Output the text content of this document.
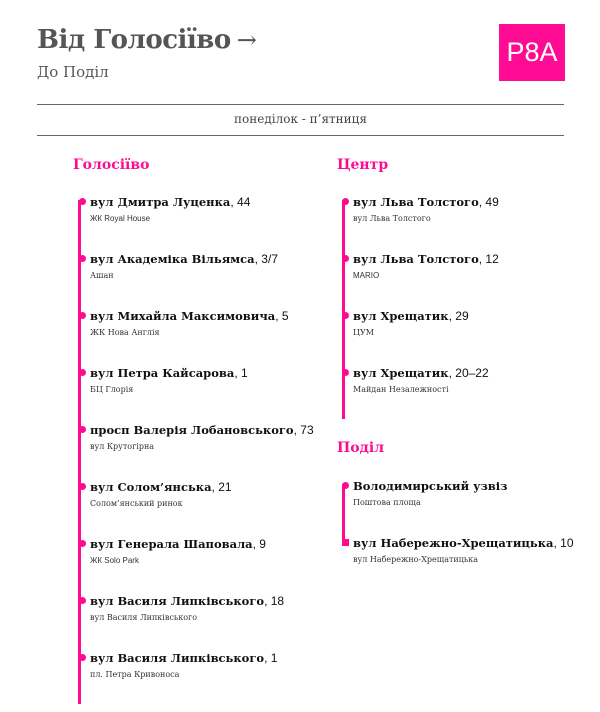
Від Голосіїво →
До Поділ
P8A
понеділок - п’ятниця
Голосіїво
вул Дмитра Луценка, 44
ЖК Royal House
вул Академіка Вільямса, 3/7
Ашан
вул Михайла Максимовича, 5
ЖК Нова Англія
вул Петра Кайсарова, 1
БЦ Глорія
просп Валерія Лобановського, 73
вул Крутогірна
вул Солом’янська, 21
Солом’янський ринок
вул Генерала Шаповала, 9
ЖК Solo Park
вул Василя Липківського, 18
вул Василя Липківського
вул Василя Липківського, 1
пл. Петра Кривоноса
Центр
вул Льва Толстого, 49
вул Льва Толстого
вул Льва Толстого, 12
MARIO
вул Хрещатик, 29
ЦУМ
вул Хрещатик, 20–22
Майдан Незалежності
Поділ
Володимирський узвіз
Поштова площа
вул Набережно-Хрещатицька, 10
вул Набережно-Хрещатицька
